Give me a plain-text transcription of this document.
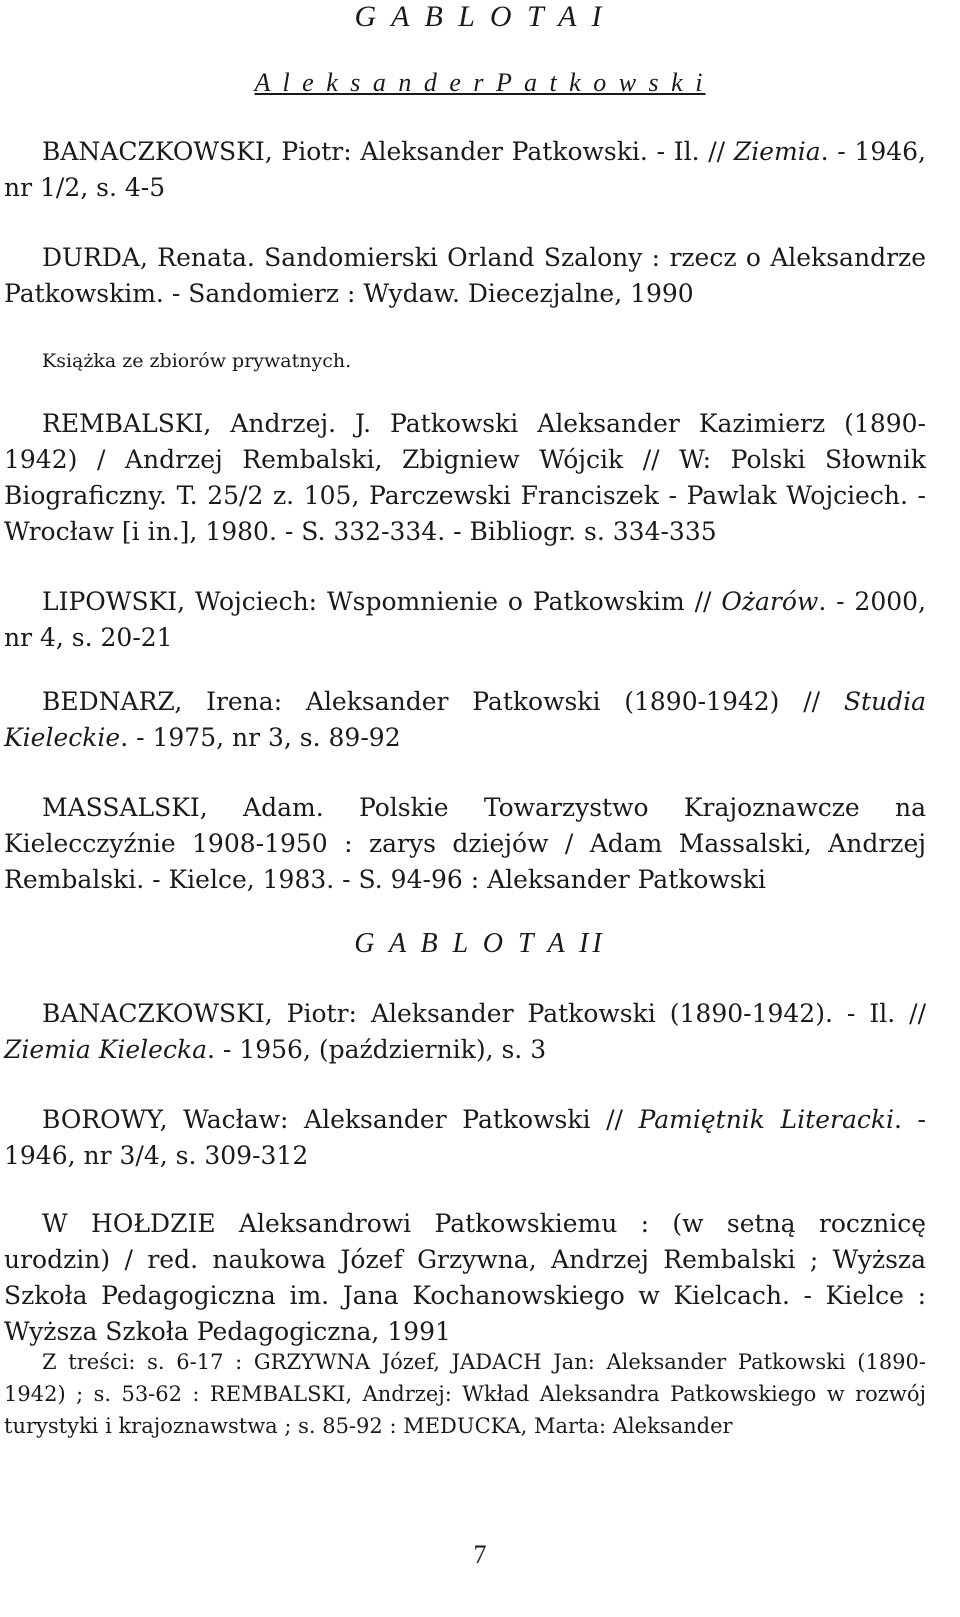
G A B L O T A I
A l e k s a n d e r P a t k o w s k i
BANACZKOWSKI, Piotr: Aleksander Patkowski. - Il. // Ziemia. - 1946, nr 1/2, s. 4-5
DURDA, Renata. Sandomierski Orland Szalony : rzecz o Aleksandrze Patkowskim. - Sandomierz : Wydaw. Diecezjalne, 1990
Książka ze zbiorów prywatnych.
REMBALSKI, Andrzej. J. Patkowski Aleksander Kazimierz (1890-1942) / Andrzej Rembalski, Zbigniew Wójcik // W: Polski Słownik Biograficzny. T. 25/2 z. 105, Parczewski Franciszek - Pawlak Wojciech. - Wrocław [i in.], 1980. - S. 332-334. - Bibliogr. s. 334-335
LIPOWSKI, Wojciech: Wspomnienie o Patkowskim // Ożarów. - 2000, nr 4, s. 20-21
BEDNARZ, Irena: Aleksander Patkowski (1890-1942) // Studia Kieleckie. - 1975, nr 3, s. 89-92
MASSALSKI, Adam. Polskie Towarzystwo Krajoznawcze na Kielecczyźnie 1908-1950 : zarys dziejów / Adam Massalski, Andrzej Rembalski. - Kielce, 1983. - S. 94-96 : Aleksander Patkowski
G A B L O T A II
BANACZKOWSKI, Piotr: Aleksander Patkowski (1890-1942). - Il. // Ziemia Kielecka. - 1956, (październik), s. 3
BOROWY, Wacław: Aleksander Patkowski // Pamiętnik Literacki. - 1946, nr 3/4, s. 309-312
W HOŁDZIE Aleksandrowi Patkowskiemu : (w setną rocznicę urodzin) / red. naukowa Józef Grzywna, Andrzej Rembalski ; Wyższa Szkoła Pedagogiczna im. Jana Kochanowskiego w Kielcach. - Kielce : Wyższa Szkoła Pedagogiczna, 1991
Z treści: s. 6-17 : GRZYWNA Józef, JADACH Jan: Aleksander Patkowski (1890-1942) ; s. 53-62 : REMBALSKI, Andrzej: Wkład Aleksandra Patkowskiego w rozwój turystyki i krajoznawstwa ; s. 85-92 : MEDUCKA, Marta: Aleksander
7
